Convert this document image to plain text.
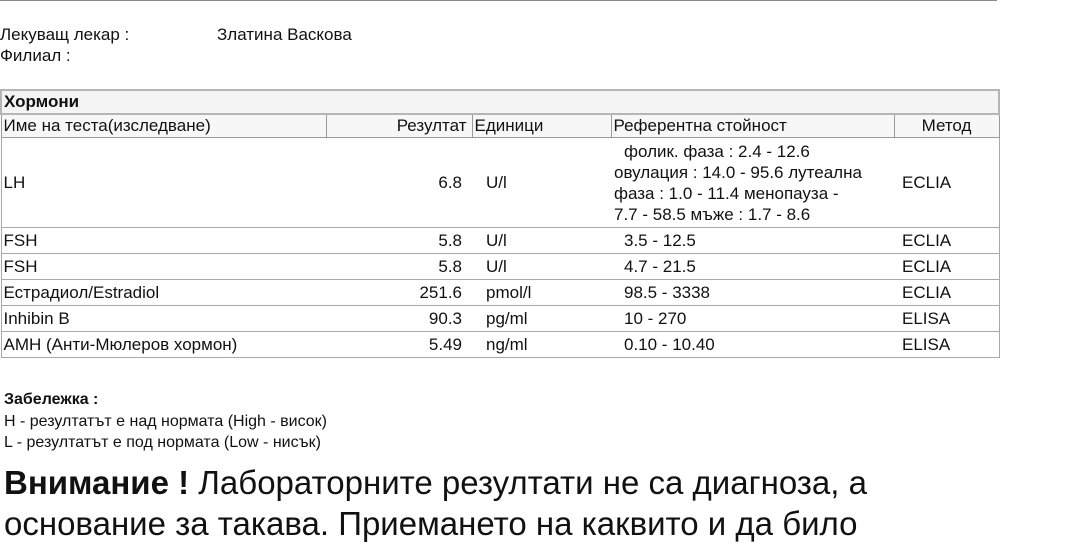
Лекуващ лекар :	Златина Васкова
Филиал :
Хормони				
Име на теста(изследване)	Резултат	Единици	Референтна стойност	Метод
LH	6.8	U/l	фолик. фаза : 2.4 - 12.6
овулация : 14.0 - 95.6 лутеална
фаза : 1.0 - 11.4 менопауза -
7.7 - 58.5 мъже : 1.7 - 8.6	ECLIA
FSH	5.8	U/l	3.5 - 12.5	ECLIA
FSH	5.8	U/l	4.7 - 21.5	ECLIA
Естрадиол/Estradiol	251.6	pmol/l	98.5 - 3338	ECLIA
Inhibin B	90.3	pg/ml	10 - 270	ELISA
АМН (Анти-Мюлеров хормон)	5.49	ng/ml	0.10 - 10.40	ELISA
Забележка :
H - резултатът е над нормата (High - висок)
L - резултатът е под нормата (Low - нисък)
Внимание ! Лабораторните резултати не са диагноза, а
основание за такава. Приемането на каквито и да било
